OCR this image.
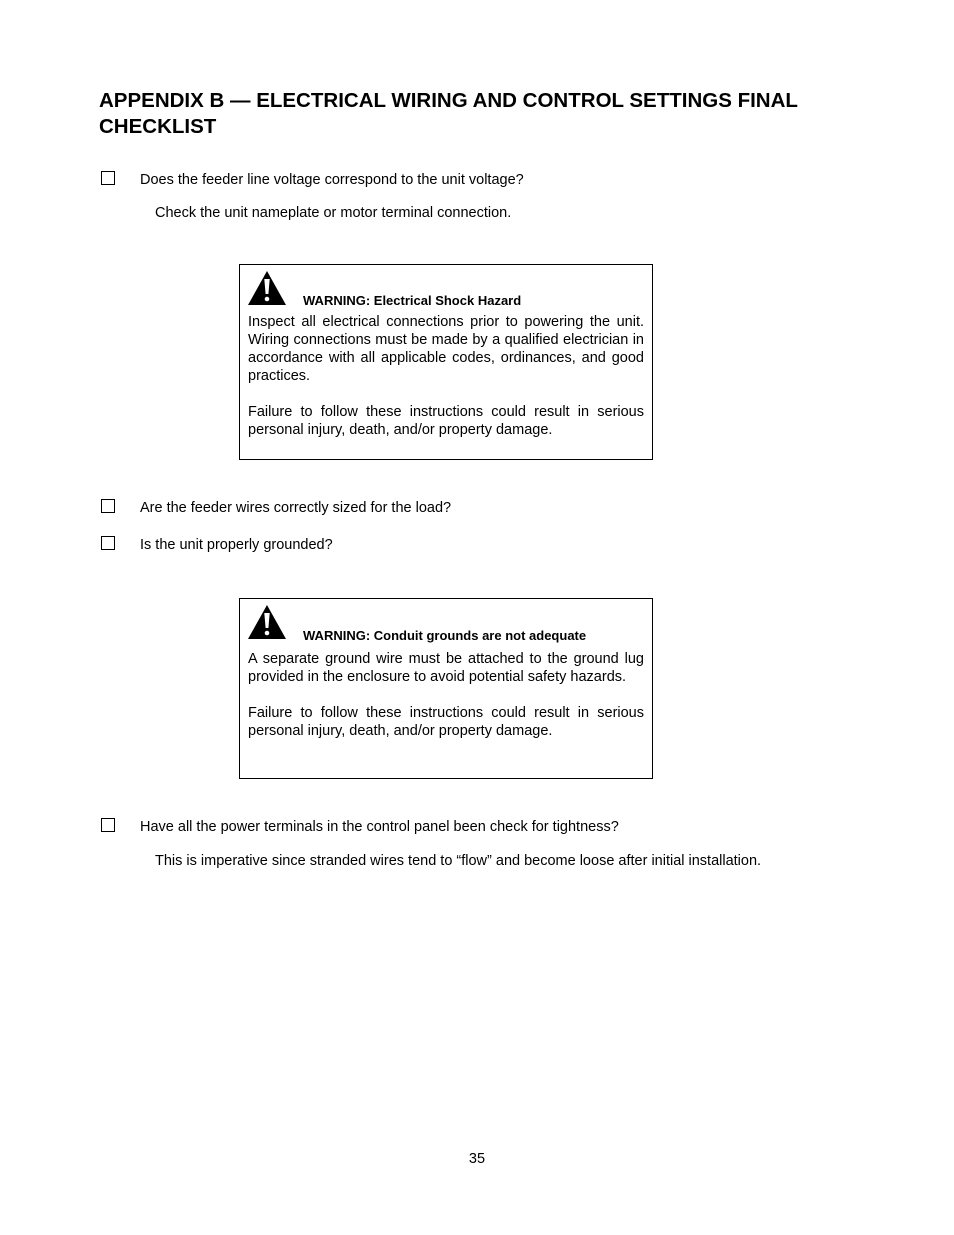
APPENDIX B — ELECTRICAL WIRING AND CONTROL SETTINGS FINAL CHECKLIST
Does the feeder line voltage correspond to the unit voltage?
Check the unit nameplate or motor terminal connection.
WARNING: Electrical Shock Hazard

Inspect all electrical connections prior to powering the unit. Wiring connections must be made by a qualified electrician in accordance with all applicable codes, ordinances, and good practices.

Failure to follow these instructions could result in serious personal injury, death, and/or property damage.

Are the feeder wires correctly sized for the load?
Is the unit properly grounded?
WARNING: Conduit grounds are not adequate

A separate ground wire must be attached to the ground lug provided in the enclosure to avoid potential safety hazards.

Failure to follow these instructions could result in serious personal injury, death, and/or property damage.

Have all the power terminals in the control panel been check for tightness?
This is imperative since stranded wires tend to “flow” and become loose after initial installation.
35
